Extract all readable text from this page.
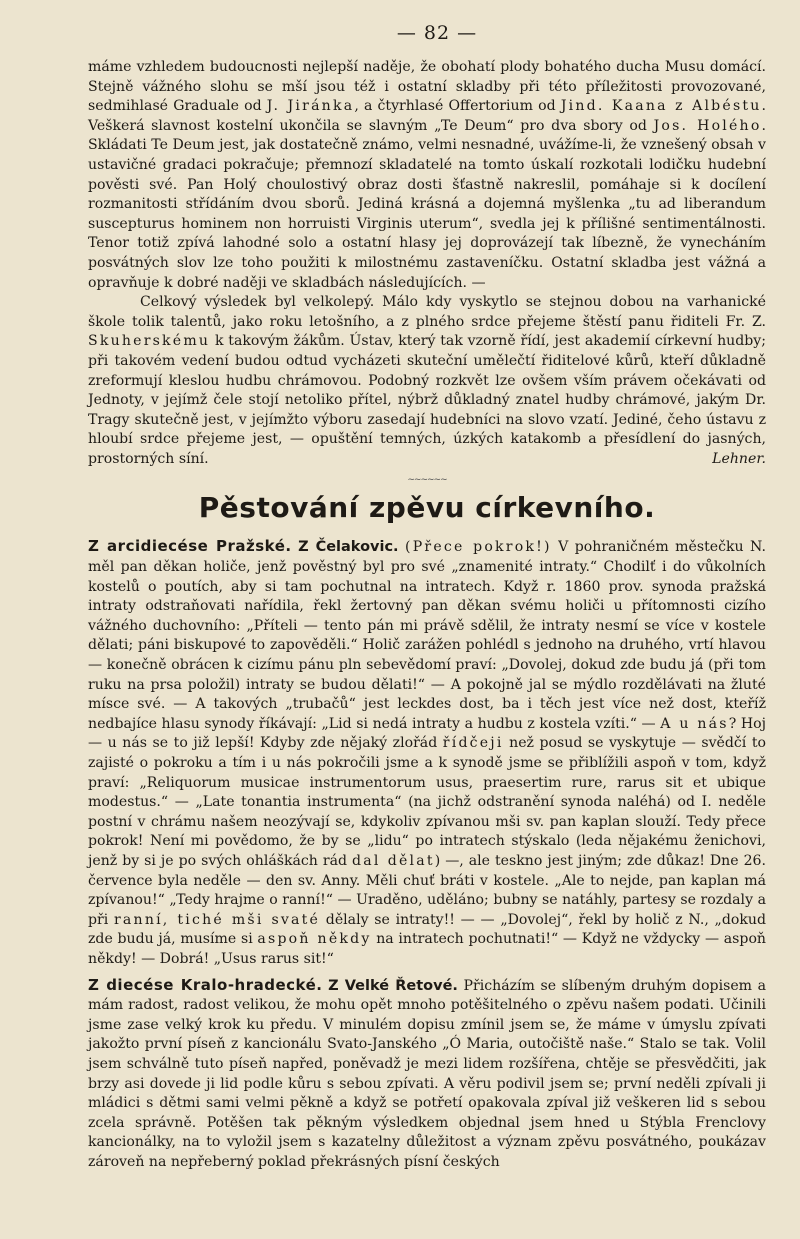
— 82 —

máme vzhledem budoucnosti nejlepší naděje, že obohatí plody bohatého ducha Musu domácí. Stejně vážného slohu se mší jsou též i ostatní skladby při této příležitosti provozované, sedmihlasé Graduale od J. Jiránka, a čtyrhlasé Offertorium od Jind. Kaana z Albéstu. Veškerá slavnost kostelní ukončila se slavným „Te Deum“ pro dva sbory od Jos. Holého. Skládati Te Deum jest, jak dostatečně známo, velmi nesnadné, uvážíme-li, že vznešený obsah v ustavičné gradaci pokračuje; přemnozí skladatelé na tomto úskalí rozkotali lodičku hudební pověsti své. Pan Holý choulostivý obraz dosti šťastně nakreslil, pomáhaje si k docílení rozmanitosti střídáním dvou sborů. Jediná krásná a dojemná myšlenka „tu ad liberandum suscepturus hominem non horruisti Virginis uterum“, svedla jej k přílišné sentimentálnosti. Tenor totiž zpívá lahodné solo a ostatní hlasy jej doprovázejí tak líbezně, že vynecháním posvátných slov lze toho použiti k milostnému zastaveníčku. Ostatní skladba jest vážná a opravňuje k dobré naději ve skladbách následujících. —

Celkový výsledek byl velkolepý. Málo kdy vyskytlo se stejnou dobou na varhanické škole tolik talentů, jako roku letošního, a z plného srdce přejeme štěstí panu řiditeli Fr. Z. Skuherskému k takovým žákům. Ústav, který tak vzorně řídí, jest akademií církevní hudby; při takovém vedení budou odtud vycházeti skuteční umělečtí řiditelové kůrů, kteří důkladně zreformují kleslou hudbu chrámovou. Podobný rozkvět lze ovšem vším právem očekávati od Jednoty, v jejímž čele stojí netoliko přítel, nýbrž důkladný znatel hudby chrámové, jakým Dr. Tragy skutečně jest, v jejímžto výboru zasedají hudebníci na slovo vzatí. Jediné, čeho ústavu z hloubí srdce přejeme jest, — opuštění temných, úzkých katakomb a přesídlení do jasných, prostorných síní.	Lehner.

~~~~~~
Pěstování zpěvu církevního.

Z arcidiecése Pražské. Z Čelakovic. (Přece pokrok!) V pohraničném městečku N. měl pan děkan holiče, jenž pověstný byl pro své „znamenité intraty.“ Chodilť i do vůkolních kostelů o poutích, aby si tam pochutnal na intratech. Když r. 1860 prov. synoda pražská intraty odstraňovati nařídila, řekl žertovný pan děkan svému holiči u přítomnosti cizího vážného duchovního: „Příteli — tento pán mi právě sdělil, že intraty nesmí se více v kostele dělati; páni biskupové to zapověděli.“ Holič zarážen pohlédl s jednoho na druhého, vrtí hlavou — konečně obrácen k cizímu pánu pln sebevědomí praví: „Dovolej, dokud zde budu já (při tom ruku na prsa položil) intraty se budou dělati!“ — A pokojně jal se mýdlo rozdělávati na žluté mísce své. — A takových „trubačů“ jest leckdes dost, ba i těch jest více než dost, kteříž nedbajíce hlasu synody říkávají: „Lid si nedá intraty a hudbu z kostela vzíti.“ — A u nás? Hoj — u nás se to již lepší! Kdyby zde nějaký zlořád řídčeji než posud se vyskytuje — svědčí to zajisté o pokroku a tím i u nás pokročili jsme a k synodě jsme se přiblížili aspoň v tom, když praví: „Reliquorum musicae instrumentorum usus, praesertim rure, rarus sit et ubique modestus.“ — „Late tonantia instrumenta“ (na jichž odstranění synoda naléhá) od I. neděle postní v chrámu našem neozývají se, kdykoliv zpívanou mši sv. pan kaplan slouží. Tedy přece pokrok! Není mi povědomo, že by se „lidu“ po intratech stýskalo (leda nějakému ženichovi, jenž by si je po svých ohláškách rád dal dělat) —, ale teskno jest jiným; zde důkaz! Dne 26. července byla neděle — den sv. Anny. Měli chuť bráti v kostele. „Ale to nejde, pan kaplan má zpívanou!“ „Tedy hrajme o ranní!“ — Uraděno, uděláno; bubny se natáhly, partesy se rozdaly a při ranní, tiché mši svaté dělaly se intraty!! — — „Dovolej“, řekl by holič z N., „dokud zde budu já, musíme si aspoň někdy na intratech pochutnati!“ — Když ne vždycky — aspoň někdy! — Dobrá! „Usus rarus sit!“

Z diecése Kralo-hradecké. Z Velké Řetové. Přicházím se slíbeným druhým dopisem a mám radost, radost velikou, že mohu opět mnoho potěšitelného o zpěvu našem podati. Učinili jsme zase velký krok ku předu. V minulém dopisu zmínil jsem se, že máme v úmyslu zpívati jakožto první píseň z kancionálu Svato-Janského „Ó Maria, outočiště naše.“ Stalo se tak. Volil jsem schválně tuto píseň napřed, poněvadž je mezi lidem rozšířena, chtěje se přesvědčiti, jak brzy asi dovede ji lid podle kůru s sebou zpívati. A věru podivil jsem se; první neděli zpívali ji mládici s dětmi sami velmi pěkně a když se potřetí opakovala zpíval již veškeren lid s sebou zcela správně. Potěšen tak pěkným výsledkem objednal jsem hned u Stýbla Frenclovy kancionálky, na to vyložil jsem s kazatelny důležitost a význam zpěvu posvátného, poukázav zároveň na nepřeberný poklad překrásných písní českých
